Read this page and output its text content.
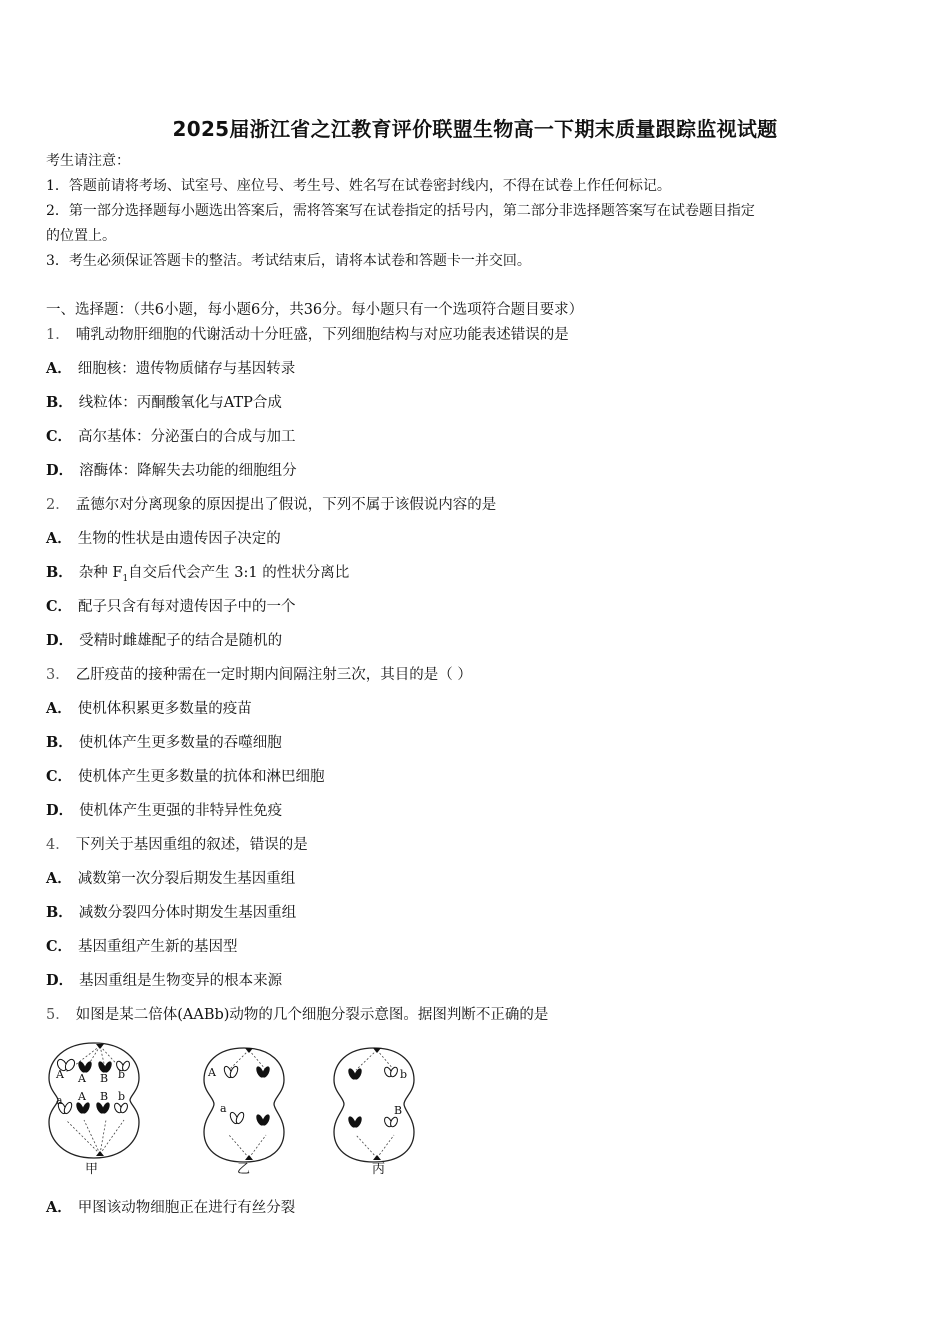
2025届浙江省之江教育评价联盟生物高一下期末质量跟踪监视试题
考生请注意：
1．答题前请将考场、试室号、座位号、考生号、姓名写在试卷密封线内，不得在试卷上作任何标记。
2．第一部分选择题每小题选出答案后，需将答案写在试卷指定的括号内，第二部分非选择题答案写在试卷题目指定
的位置上。
3．考生必须保证答题卡的整洁。考试结束后，请将本试卷和答题卡一并交回。
一、选择题：（共6小题，每小题6分，共36分。每小题只有一个选项符合题目要求）
1． 哺乳动物肝细胞的代谢活动十分旺盛，下列细胞结构与对应功能表述错误的是
A． 细胞核：遗传物质储存与基因转录
B． 线粒体：丙酮酸氧化与ATP合成
C． 高尔基体：分泌蛋白的合成与加工
D． 溶酶体：降解失去功能的细胞组分
2． 孟德尔对分离现象的原因提出了假说，下列不属于该假说内容的是
A． 生物的性状是由遗传因子决定的
B． 杂种 $F_1$自交后代会产生 3:1 的性状分离比
C． 配子只含有每对遗传因子中的一个
D． 受精时雌雄配子的结合是随机的
3． 乙肝疫苗的接种需在一定时期内间隔注射三次，其目的是（ ）
A． 使机体积累更多数量的疫苗
B． 使机体产生更多数量的吞噬细胞
C． 使机体产生更多数量的抗体和淋巴细胞
D． 使机体产生更强的非特异性免疫
4． 下列关于基因重组的叙述，错误的是
A． 减数第一次分裂后期发生基因重组
B． 减数分裂四分体时期发生基因重组
C． 基因重组产生新的基因型
D． 基因重组是生物变异的根本来源
5． 如图是某二倍体(AABb)动物的几个细胞分裂示意图。据图判断不正确的是
A A B b
a A B b
A
a
b
B
甲	乙	丙
A． 甲图该动物细胞正在进行有丝分裂
